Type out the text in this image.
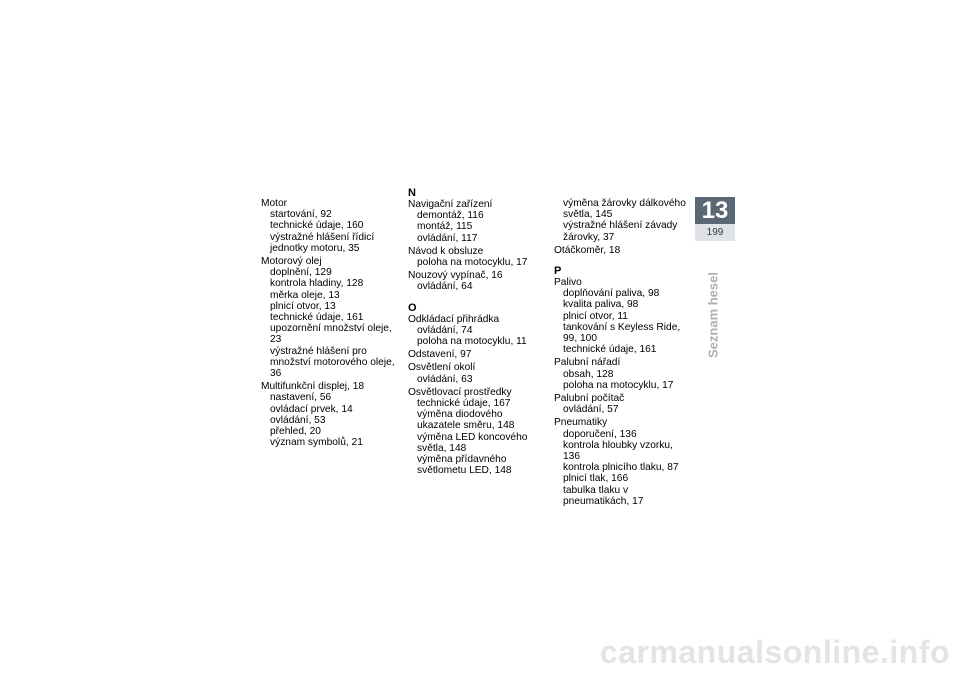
Motor
startování, 92
technické údaje, 160
výstražné hlášení řídicí jednotky motoru, 35
Motorový olej
doplnění, 129
kontrola hladiny, 128
měrka oleje, 13
plnicí otvor, 13
technické údaje, 161
upozornění množství oleje, 23
výstražné hlášení pro množství motorového oleje, 36
Multifunkční displej, 18
nastavení, 56
ovládací prvek, 14
ovládání, 53
přehled, 20
význam symbolů, 21
N
Navigační zařízení
demontáž, 116
montáž, 115
ovládání, 117
Návod k obsluze
poloha na motocyklu, 17
Nouzový vypínač, 16
ovládání, 64
O
Odkládací přihrádka
ovládání, 74
poloha na motocyklu, 11
Odstavení, 97
Osvětlení okolí
ovládání, 63
Osvětlovací prostředky
technické údaje, 167
výměna diodového ukazatele směru, 148
výměna LED koncového světla, 148
výměna přídavného světlometu LED, 148
výměna žárovky dálkového světla, 145
výstražné hlášení závady žárovky, 37
Otáčkoměr, 18
P
Palivo
doplňování paliva, 98
kvalita paliva, 98
plnicí otvor, 11
tankování s Keyless Ride, 99, 100
technické údaje, 161
Palubní nářadí
obsah, 128
poloha na motocyklu, 17
Palubní počítač
ovládání, 57
Pneumatiky
doporučení, 136
kontrola hloubky vzorku, 136
kontrola plnicího tlaku, 87
plnicí tlak, 166
tabulka tlaku v pneumatikách, 17
13
199
Seznam hesel
carmanualsonline.info
